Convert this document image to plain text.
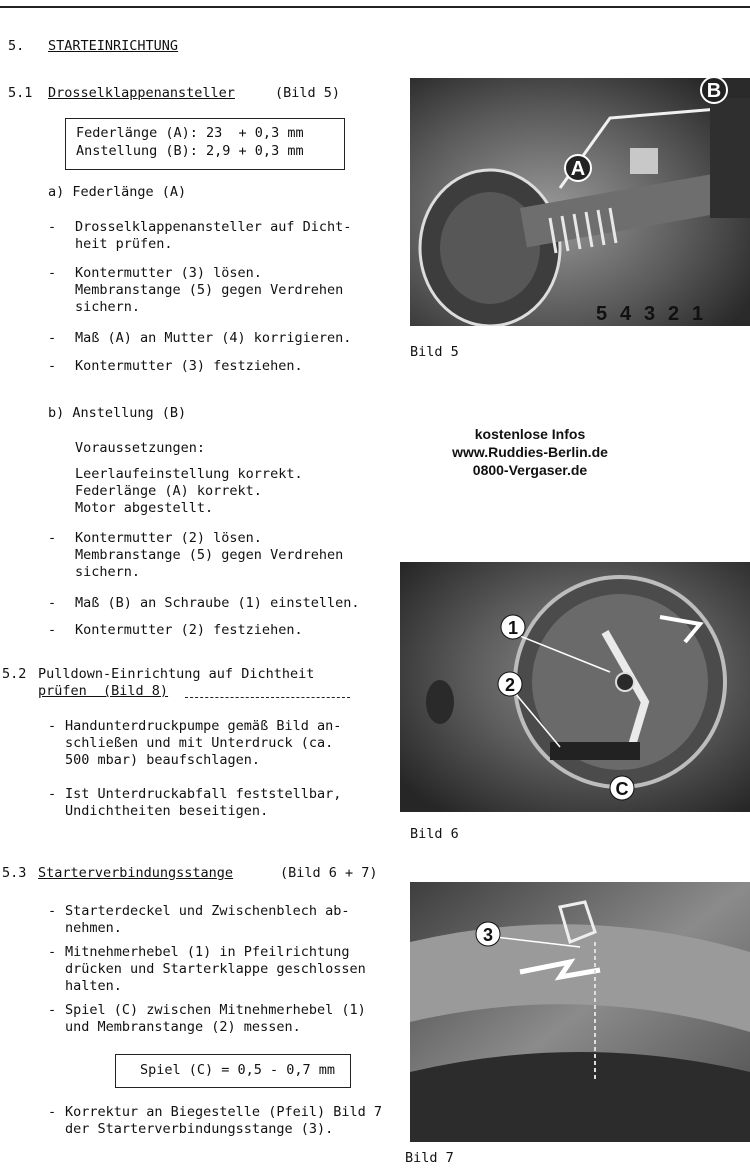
5. STARTEINRICHTUNG
5.1 Drosselklappenansteller	(Bild 5)
Federlänge (A): 23  + 0,3 mm
Anstellung (B): 2,9 + 0,3 mm
a) Federlänge (A)
- Drosselklappenansteller auf Dicht-
heit prüfen.
- Kontermutter (3) lösen.
Membranstange (5) gegen Verdrehen
sichern.
- Maß (A) an Mutter (4) korrigieren.
- Kontermutter (3) festziehen.
b) Anstellung (B)
Voraussetzungen:
Leerlaufeinstellung korrekt.
Federlänge (A) korrekt.
Motor abgestellt.
- Kontermutter (2) lösen.
Membranstange (5) gegen Verdrehen
sichern.
- Maß (B) an Schraube (1) einstellen.
- Kontermutter (2) festziehen.
5.2 Pulldown-Einrichtung auf Dichtheit
prüfen  (Bild 8)
- Handunterdruckpumpe gemäß Bild an-
schließen und mit Unterdruck (ca.
500 mbar) beaufschlagen.
- Ist Unterdruckabfall feststellbar,
Undichtheiten beseitigen.
5.3 Starterverbindungsstange	(Bild 6 + 7)
- Starterdeckel und Zwischenblech ab-
nehmen.
- Mitnehmerhebel (1) in Pfeilrichtung
drücken und Starterklappe geschlossen
halten.
- Spiel (C) zwischen Mitnehmerhebel (1)
und Membranstange (2) messen.
Spiel (C) = 0,5 - 0,7 mm
- Korrektur an Biegestelle (Pfeil) Bild 7
der Starterverbindungsstange (3).
A
B
5 4 3 2 1
Bild 5
kostenlose Infos
www.Ruddies-Berlin.de
0800-Vergaser.de
1
2
C
Bild 6
3
Bild 7
